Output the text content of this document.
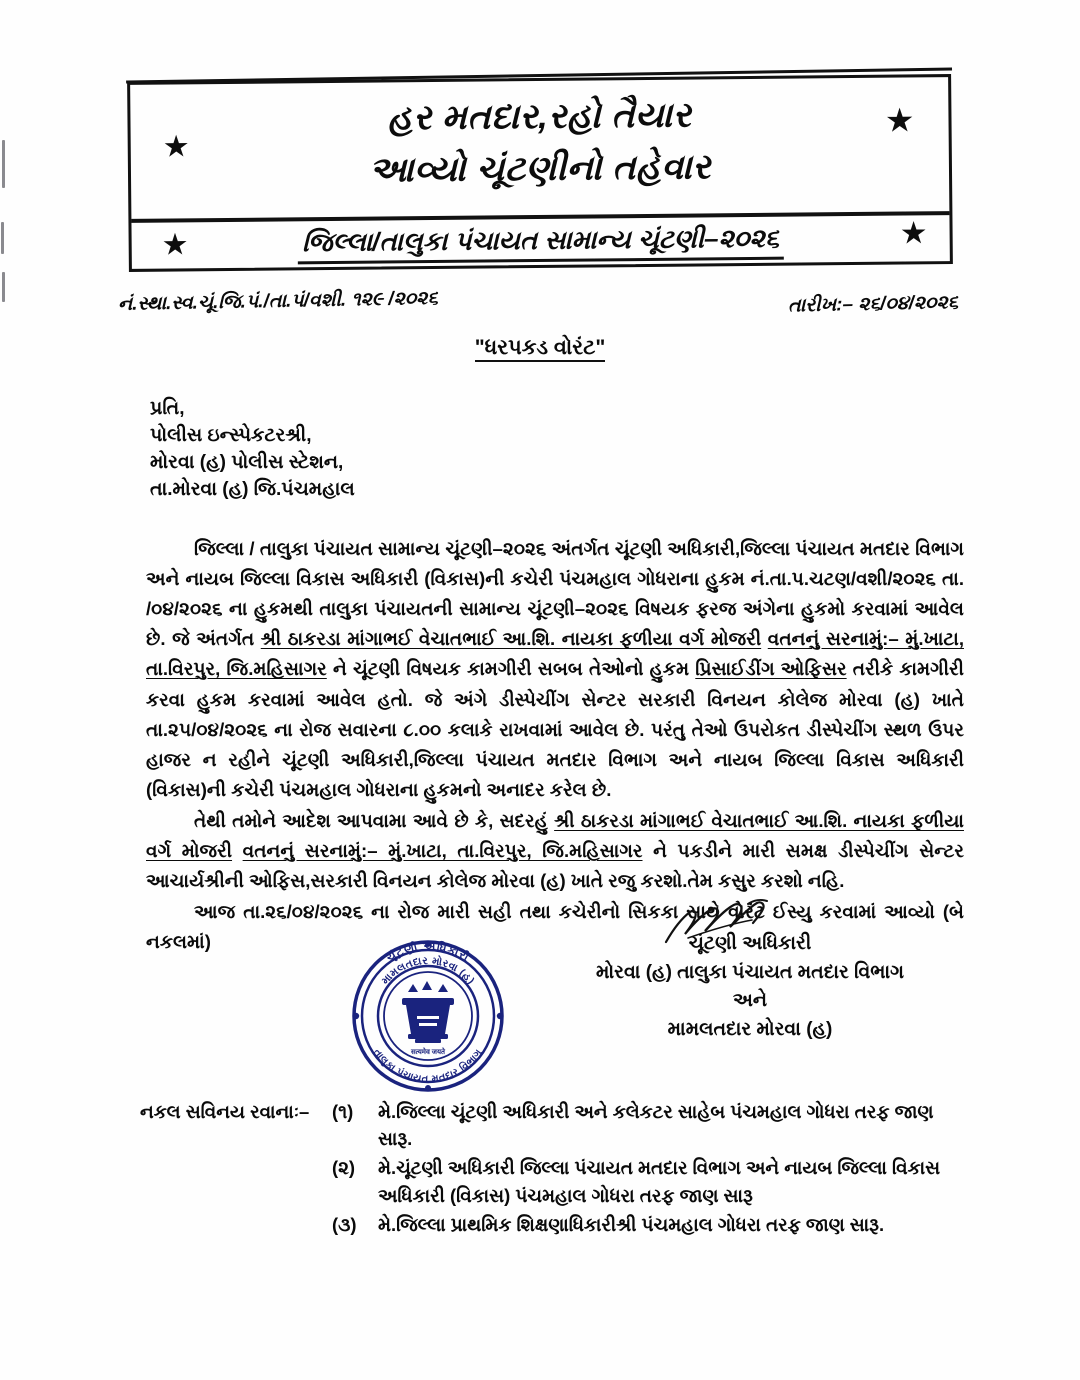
હર મતદાર,રહો તૈયાર
આવ્યો ચૂંટણીનો તહેવાર
★
★
જિલ્લા/તાલુકા પંચાયત સામાન્ય ચૂંટણી–૨૦૨૬
★	★
નં.સ્થા.સ્વ.ચૂં.જિ.પં./તા.પં/વશી. ૧૨૯ /૨૦૨૬	તારીખ:– ૨૬/૦૪/૨૦૨૬
"ધરપકડ વોરંટ"
પ્રતિ,
પોલીસ ઇન્સ્પેકટરશ્રી,
મોરવા (હ) પોલીસ સ્ટેશન,
તા.મોરવા (હ) જિ.પંચમહાલ

જિલ્લા / તાલુકા પંચાયત સામાન્ય ચૂંટણી–૨૦૨૬ અંતર્ગત ચૂંટણી અધિકારી,જિલ્લા પંચાયત મતદાર વિભાગ અને નાયબ જિલ્લા વિકાસ અધિકારી (વિકાસ)ની કચેરી પંચમહાલ ગોધરાના હુકમ નં.તા.પ.ચટણ/વશી/૨૦૨૬ તા. /૦૪/૨૦૨૬ ના હુકમથી તાલુકા પંચાયતની સામાન્ય ચૂંટણી–૨૦૨૬ વિષયક ફરજ અંગેના હુકમો કરવામાં આવેલ છે. જે અંતર્ગત શ્રી ઠાકરડા માંગાભઈ વેચાતભાઈ આ.શિ. નાયકા ફળીયા વર્ગ મોજરી વતનનું સરનામું:– મું.ખાટા, તા.વિરપુર, જિ.મહિસાગર ને ચૂંટણી વિષયક કામગીરી સબબ તેઓનો હુકમ પ્રિસાઈડીંગ ઓફિસર તરીકે કામગીરી કરવા હુકમ કરવામાં આવેલ હતો. જે અંગે ડીસ્પેચીંગ સેન્ટર સરકારી વિનયન કોલેજ મોરવા (હ) ખાતે તા.૨૫/૦૪/૨૦૨૬ ના રોજ સવારના ૮.૦૦ કલાકે રાખવામાં આવેલ છે. પરંતુ તેઓ ઉપરોકત ડીસ્પેચીંગ સ્થળ ઉપર હાજર ન રહીને ચૂંટણી અધિકારી,જિલ્લા પંચાયત મતદાર વિભાગ અને નાયબ જિલ્લા વિકાસ અધિકારી (વિકાસ)ની કચેરી પંચમહાલ ગોધરાના હુકમનો અનાદર કરેલ છે.

તેથી તમોને આદેશ આપવામા આવે છે કે, સદરહું શ્રી ઠાકરડા માંગાભઈ વેચાતભાઈ આ.શિ. નાયકા ફળીયા વર્ગ મોજરી વતનનું સરનામું:– મું.ખાટા, તા.વિરપુર, જિ.મહિસાગર ને પકડીને મારી સમક્ષ ડીસ્પેચીંગ સેન્ટર આચાર્યશ્રીની ઓફિસ,સરકારી વિનયન કોલેજ મોરવા (હ) ખાતે રજુ કરશો.તેમ કસુર કરશો નહિ.

આજ તા.૨૬/૦૪/૨૦૨૬ ના રોજ મારી સહી તથા કચેરીનો સિકકા સાથે વોરંટ ઈસ્યુ કરવામાં આવ્યો (બે નકલમાં)	ચૂંટણી અધિકારી
મોરવા (હ) તાલુકા પંચાયત મતદાર વિભાગ
અને
મામલતદાર મોરવા (હ)
ચૂંટણી અધિકારી
તાલુકા પંચાયત મતદાર વિભાગ
મામલતદાર મોરવા (હ)
सत्यमेव जयते
નકલ સવિનય રવાનાઃ– (૧)	મે.જિલ્લા ચૂંટણી અધિકારી અને કલેકટર સાહેબ પંચમહાલ ગોધરા તરફ જાણ સારૂ.
(૨)	મે.ચૂંટણી અધિકારી જિલ્લા પંચાયત મતદાર વિભાગ અને નાયબ જિલ્લા વિકાસ અધિકારી (વિકાસ) પંચમહાલ ગોધરા તરફ જાણ સારૂ
(૩)	મે.જિલ્લા પ્રાથમિક શિક્ષણાધિકારીશ્રી પંચમહાલ ગોધરા તરફ જાણ સારૂ.
